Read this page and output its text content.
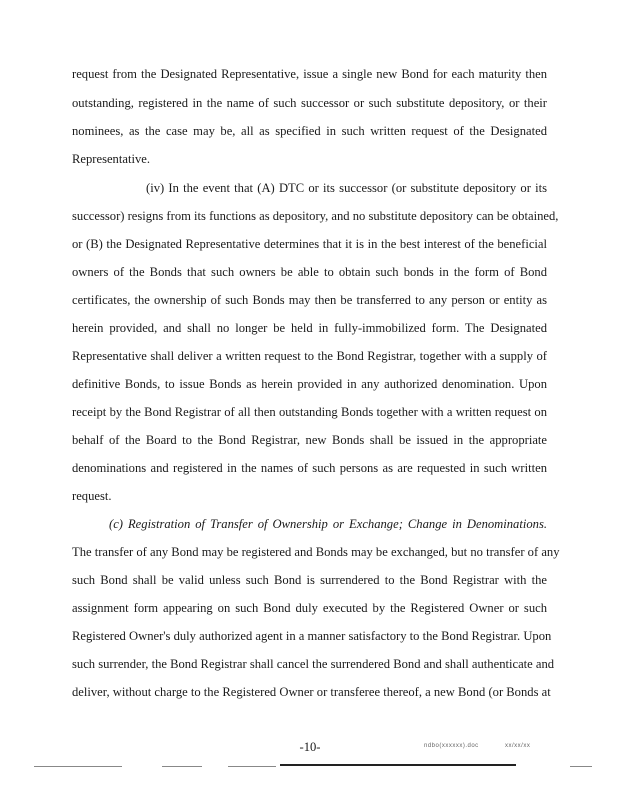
request from the Designated Representative, issue a single new Bond for each maturity then
outstanding, registered in the name of such successor or such substitute depository, or their
nominees, as the case may be, all as specified in such written request of the Designated
Representative.
(iv) In the event that (A) DTC or its successor (or substitute depository or its
successor) resigns from its functions as depository, and no substitute depository can be obtained,
or (B) the Designated Representative determines that it is in the best interest of the beneficial
owners of the Bonds that such owners be able to obtain such bonds in the form of Bond
certificates, the ownership of such Bonds may then be transferred to any person or entity as
herein provided, and shall no longer be held in fully-immobilized form. The Designated
Representative shall deliver a written request to the Bond Registrar, together with a supply of
definitive Bonds, to issue Bonds as herein provided in any authorized denomination. Upon
receipt by the Bond Registrar of all then outstanding Bonds together with a written request on
behalf of the Board to the Bond Registrar, new Bonds shall be issued in the appropriate
denominations and registered in the names of such persons as are requested in such written
request.
(c) Registration of Transfer of Ownership or Exchange; Change in Denominations.
The transfer of any Bond may be registered and Bonds may be exchanged, but no transfer of any
such Bond shall be valid unless such Bond is surrendered to the Bond Registrar with the
assignment form appearing on such Bond duly executed by the Registered Owner or such
Registered Owner's duly authorized agent in a manner satisfactory to the Bond Registrar. Upon
such surrender, the Bond Registrar shall cancel the surrendered Bond and shall authenticate and
deliver, without charge to the Registered Owner or transferee thereof, a new Bond (or Bonds at
-10-	ndbo(xxxxxx).doc	xx/xx/xx
